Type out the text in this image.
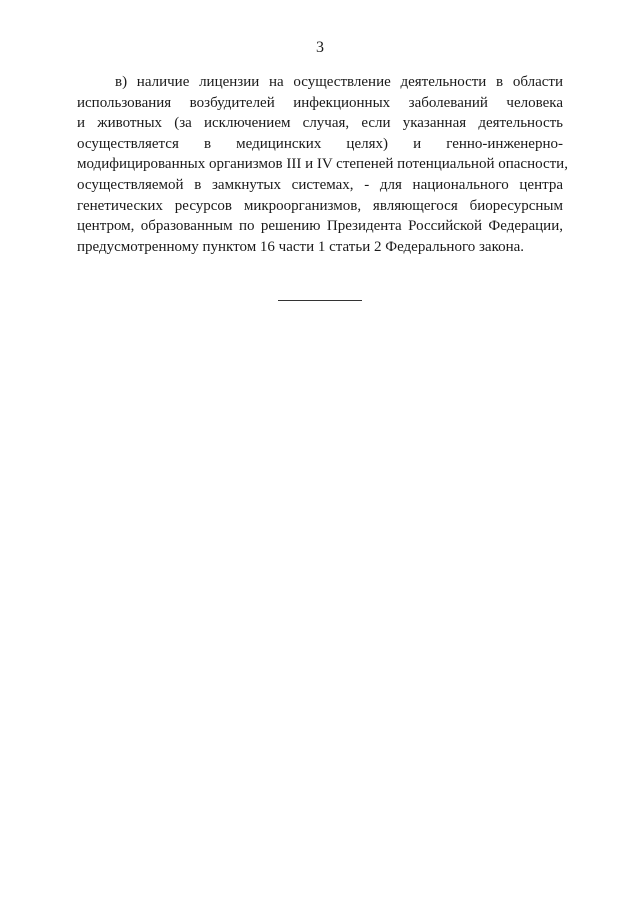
3
в) наличие лицензии на осуществление деятельности в области
использования возбудителей инфекционных заболеваний человека
и животных (за исключением случая, если указанная деятельность
осуществляется в медицинских целях) и генно-инженерно-
модифицированных организмов III и IV степеней потенциальной опасности,
осуществляемой в замкнутых системах, - для национального центра
генетических ресурсов микроорганизмов, являющегося биоресурсным
центром, образованным по решению Президента Российской Федерации,
предусмотренному пунктом 16 части 1 статьи 2 Федерального закона.
